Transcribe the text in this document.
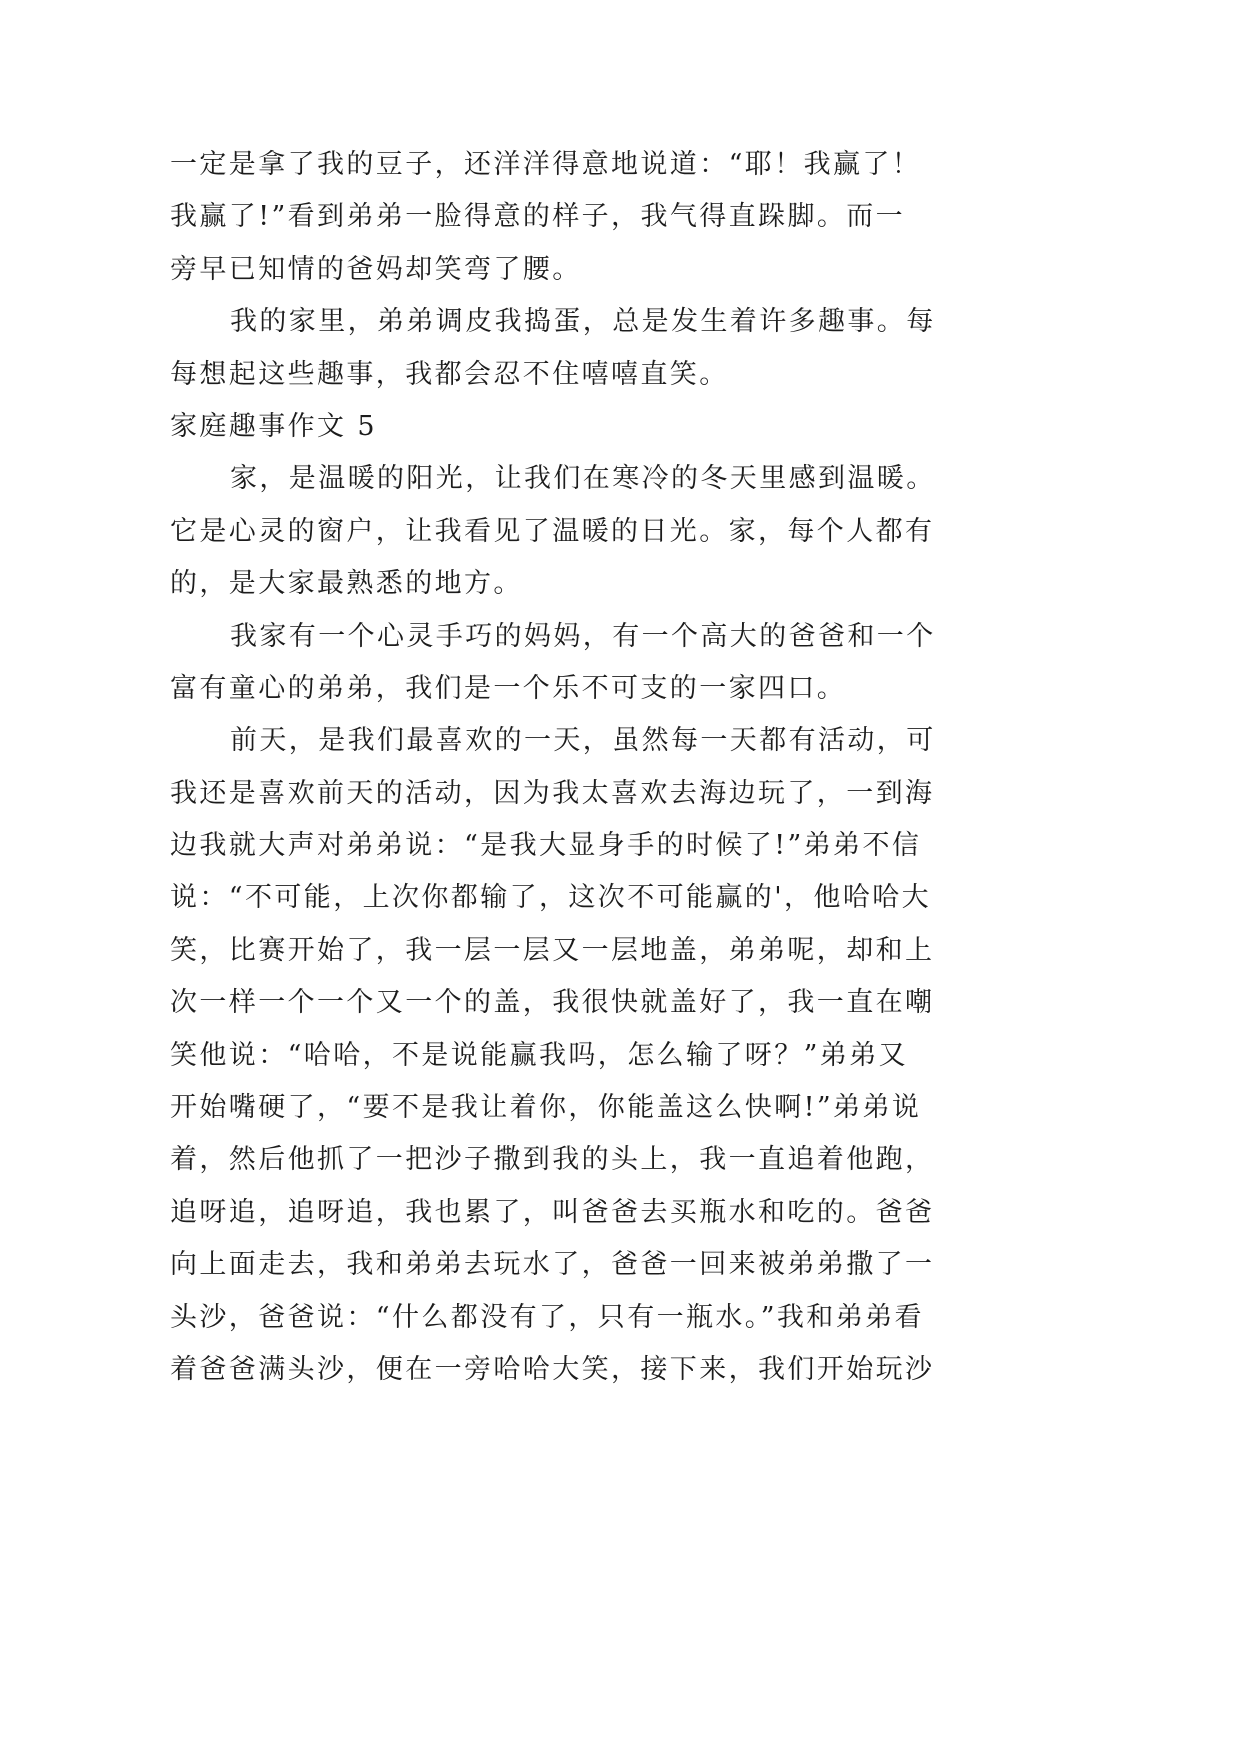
一定是拿了我的豆子，还洋洋得意地说道：“耶！我赢了！
我赢了!”看到弟弟一脸得意的样子，我气得直跺脚。而一
旁早已知情的爸妈却笑弯了腰。
我的家里，弟弟调皮我捣蛋，总是发生着许多趣事。每
每想起这些趣事，我都会忍不住嘻嘻直笑。
家庭趣事作文 5
家，是温暖的阳光，让我们在寒冷的冬天里感到温暖。
它是心灵的窗户，让我看见了温暖的日光。家，每个人都有
的，是大家最熟悉的地方。
我家有一个心灵手巧的妈妈，有一个高大的爸爸和一个
富有童心的弟弟，我们是一个乐不可支的一家四口。
前天，是我们最喜欢的一天，虽然每一天都有活动，可
我还是喜欢前天的活动，因为我太喜欢去海边玩了，一到海
边我就大声对弟弟说：“是我大显身手的时候了!”弟弟不信
说：“不可能，上次你都输了，这次不可能赢的'，他哈哈大
笑，比赛开始了，我一层一层又一层地盖，弟弟呢，却和上
次一样一个一个又一个的盖，我很快就盖好了，我一直在嘲
笑他说：“哈哈，不是说能赢我吗，怎么输了呀？”弟弟又
开始嘴硬了，“要不是我让着你，你能盖这么快啊!”弟弟说
着，然后他抓了一把沙子撒到我的头上，我一直追着他跑，
追呀追，追呀追，我也累了，叫爸爸去买瓶水和吃的。爸爸
向上面走去，我和弟弟去玩水了，爸爸一回来被弟弟撒了一
头沙，爸爸说：“什么都没有了，只有一瓶水。”我和弟弟看
着爸爸满头沙，便在一旁哈哈大笑，接下来，我们开始玩沙
